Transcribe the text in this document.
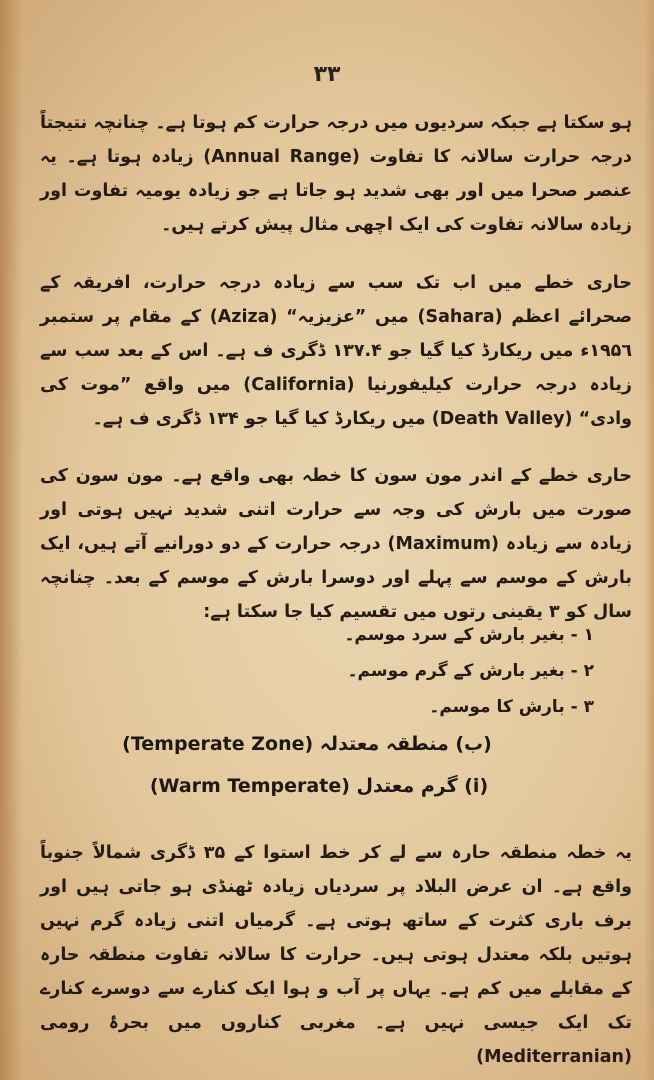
۳۳

ہو سکتا ہے جبکہ سردیوں میں درجہ حرارت کم ہوتا ہے۔ چنانچہ نتیجتاً درجہ حرارت سالانہ کا تفاوت (Annual Range) زیادہ ہوتا ہے۔ یہ عنصر صحرا میں اور بھی شدید ہو جاتا ہے جو زیادہ یومیہ تفاوت اور زیادہ سالانہ تفاوت کی ایک اچھی مثال پیش کرتے ہیں۔

حاری خطے میں اب تک سب سے زیادہ درجہ حرارت، افریقہ کے صحرائے اعظم (Sahara) میں ”عزیزیہ“ (Aziza) کے مقام پر ستمبر ۱۹۵٦ء میں ریکارڈ کیا گیا جو ۱۳۷.۴ ڈگری ف ہے۔ اس کے بعد سب سے زیادہ درجہ حرارت کیلیفورنیا (California) میں واقع ”موت کی وادی“ (Death Valley) میں ریکارڈ کیا گیا جو ۱۳۴ ڈگری ف ہے۔

حاری خطے کے اندر مون سون کا خطہ بھی واقع ہے۔ مون سون کی صورت میں بارش کی وجہ سے حرارت اتنی شدید نہیں ہوتی اور زیادہ سے زیادہ (Maximum) درجہ حرارت کے دو دورانیے آتے ہیں، ایک بارش کے موسم سے پہلے اور دوسرا بارش کے موسم کے بعد۔ چنانچہ سال کو ۳ یقینی رتوں میں تقسیم کیا جا سکتا ہے:

۱ - بغیر بارش کے سرد موسم۔
۲ - بغیر بارش کے گرم موسم۔
۳ - بارش کا موسم۔
(ب) منطقہ معتدلہ (Temperate Zone)
(i) گرم معتدل (Warm Temperate)

یہ خطہ منطقہ حارہ سے لے کر خط استوا کے ۳۵ ڈگری شمالاً جنوباً واقع ہے۔ ان عرض البلاد پر سردیاں زیادہ ٹھنڈی ہو جاتی ہیں اور برف باری کثرت کے ساتھ ہوتی ہے۔ گرمیاں اتنی زیادہ گرم نہیں ہوتیں بلکہ معتدل ہوتی ہیں۔ حرارت کا سالانہ تفاوت منطقہ حارہ کے مقابلے میں کم ہے۔ یہاں پر آب و ہوا ایک کنارے سے دوسرے کنارے تک ایک جیسی نہیں ہے۔ مغربی کناروں میں بحرۂ رومی (Mediterranian)
